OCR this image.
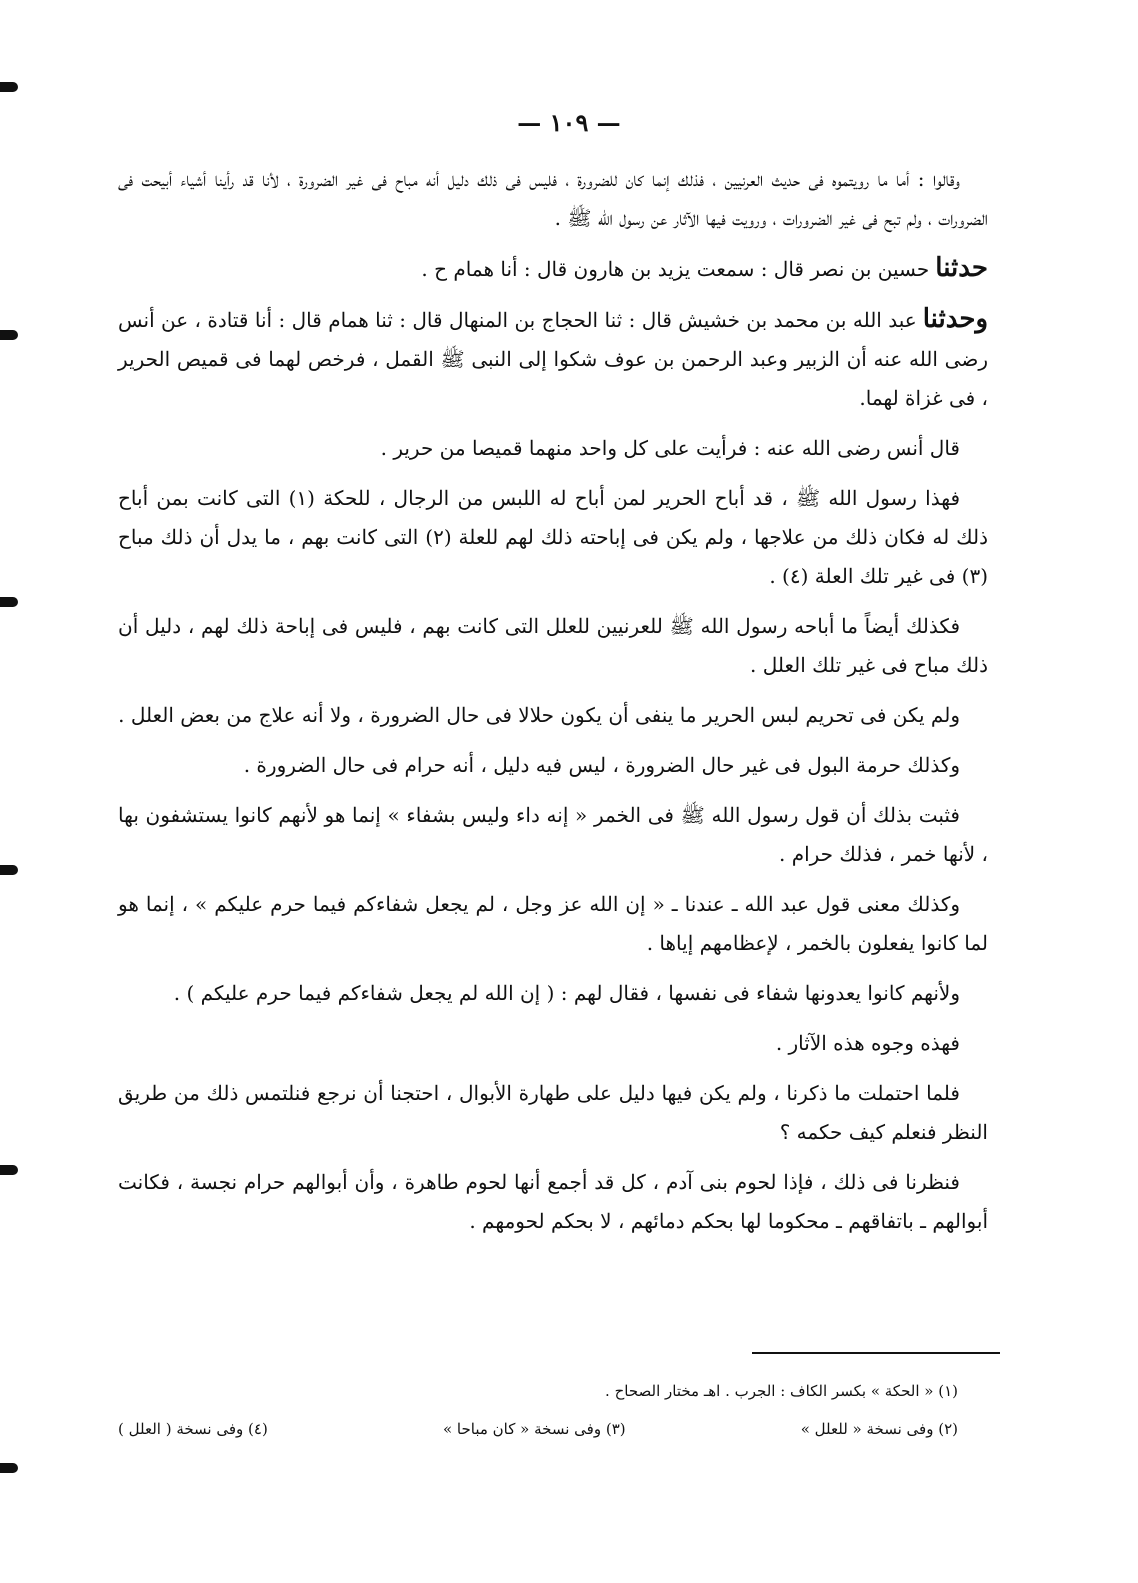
— ١٠٩ —

وقالوا : أما ما رويتموه فى حديث العرنيين ، فذلك إنما كان للضرورة ، فليس فى ذلك دليل أنه مباح فى غير الضرورة ، لأنا قد رأينا أشياء أبيحت فى الضرورات ، ولم تبح فى غير الضرورات ، ورويت فيها الآثار عن رسول الله ﷺ .

حدثناحسين بن نصر قال : سمعت يزيد بن هارون قال : أنا همام ح .

وحدثناعبد الله بن محمد بن خشيش قال : ثنا الحجاج بن المنهال قال : ثنا همام قال : أنا قتادة ، عن أنس رضى الله عنه أن الزبير وعبد الرحمن بن عوف شكوا إلى النبى ﷺ القمل ، فرخص لهما فى قميص الحرير ، فى غزاة لهما.

قال أنس رضى الله عنه : فرأيت على كل واحد منهما قميصا من حرير .

فهذا رسول الله ﷺ ، قد أباح الحرير لمن أباح له اللبس من الرجال ، للحكة (١) التى كانت بمن أباح ذلك له فكان ذلك من علاجها ، ولم يكن فى إباحته ذلك لهم للعلة (٢) التى كانت بهم ، ما يدل أن ذلك مباح (٣) فى غير تلك العلة (٤) .

فكذلك أيضاً ما أباحه رسول الله ﷺ للعرنيين للعلل التى كانت بهم ، فليس فى إباحة ذلك لهم ، دليل أن ذلك مباح فى غير تلك العلل .

ولم يكن فى تحريم لبس الحرير ما ينفى أن يكون حلالا فى حال الضرورة ، ولا أنه علاج من بعض العلل .

وكذلك حرمة البول فى غير حال الضرورة ، ليس فيه دليل ، أنه حرام فى حال الضرورة .

فثبت بذلك أن قول رسول الله ﷺ فى الخمر « إنه داء وليس بشفاء » إنما هو لأنهم كانوا يستشفون بها ، لأنها خمر ، فذلك حرام .

وكذلك معنى قول عبد الله ـ عندنا ـ « إن الله عز وجل ، لم يجعل شفاءكم فيما حرم عليكم » ، إنما هو لما كانوا يفعلون بالخمر ، لإعظامهم إياها .

ولأنهم كانوا يعدونها شفاء فى نفسها ، فقال لهم : ( إن الله لم يجعل شفاءكم فيما حرم عليكم ) .

فهذه وجوه هذه الآثار .

فلما احتملت ما ذكرنا ، ولم يكن فيها دليل على طهارة الأبوال ، احتجنا أن نرجع فنلتمس ذلك من طريق النظر فنعلم كيف حكمه ؟

فنظرنا فى ذلك ، فإذا لحوم بنى آدم ، كل قد أجمع أنها لحوم طاهرة ، وأن أبوالهم حرام نجسة ، فكانت أبوالهم ـ باتفاقهم ـ محكوما لها بحكم دمائهم ، لا بحكم لحومهم .

(١) « الحكة » بكسر الكاف : الجرب . اهـ مختار الصحاح .
(٢) وفى نسخة « للعلل »
(٣) وفى نسخة « كان مباحا »
(٤) وفى نسخة ( العلل )
